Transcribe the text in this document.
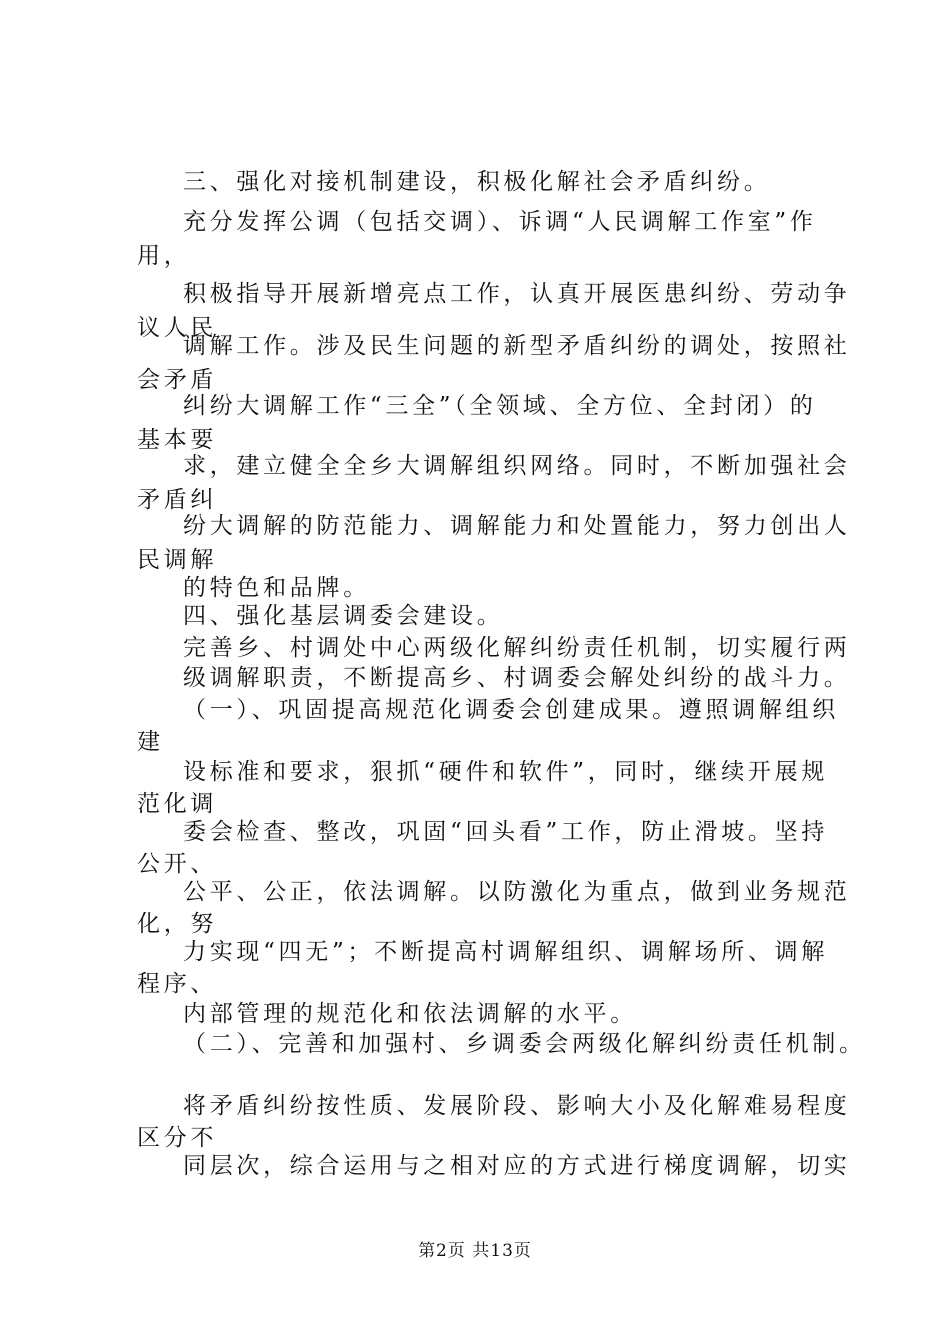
三、强化对接机制建设，积极化解社会矛盾纠纷。
充分发挥公调（包括交调）、诉调“人民调解工作室”作
用，
积极指导开展新增亮点工作，认真开展医患纠纷、劳动争
议人民
调解工作。涉及民生问题的新型矛盾纠纷的调处，按照社
会矛盾
纠纷大调解工作“三全”（全领域、全方位、全封闭）的
基本要
求，建立健全全乡大调解组织网络。同时，不断加强社会
矛盾纠
纷大调解的防范能力、调解能力和处置能力，努力创出人
民调解
的特色和品牌。
四、强化基层调委会建设。
完善乡、村调处中心两级化解纠纷责任机制，切实履行两
级调解职责，不断提高乡、村调委会解处纠纷的战斗力。
（一）、巩固提高规范化调委会创建成果。遵照调解组织
建
设标准和要求，狠抓“硬件和软件”，同时，继续开展规
范化调
委会检查、整改，巩固“回头看”工作，防止滑坡。坚持
公开、
公平、公正，依法调解。以防激化为重点，做到业务规范
化，努
力实现“四无”；不断提高村调解组织、调解场所、调解
程序、
内部管理的规范化和依法调解的水平。
（二）、完善和加强村、乡调委会两级化解纠纷责任机制。
将矛盾纠纷按性质、发展阶段、影响大小及化解难易程度
区分不
同层次，综合运用与之相对应的方式进行梯度调解，切实
第2页 共13页
